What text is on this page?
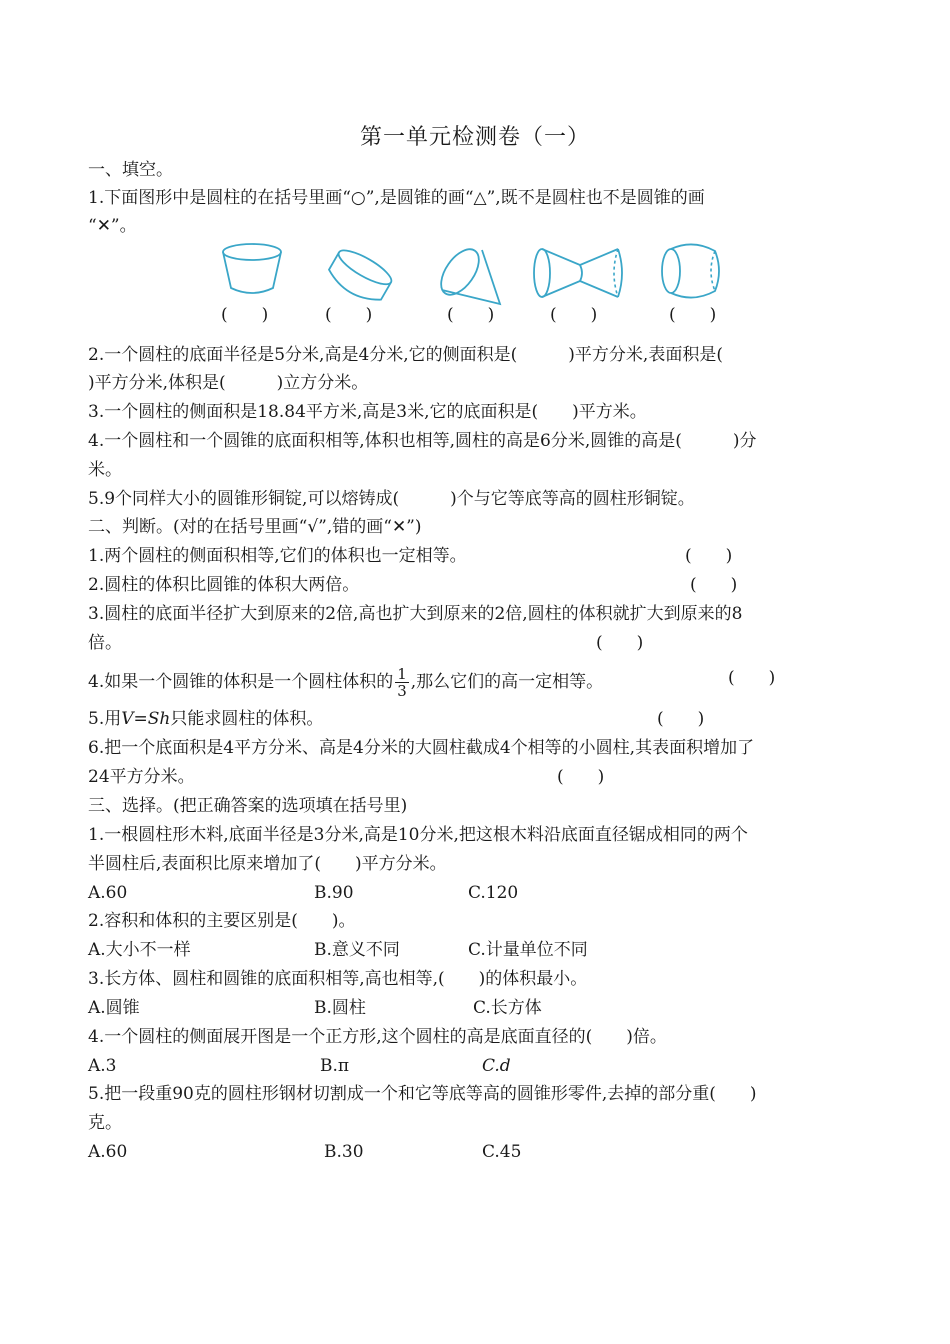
第一单元检测卷（一）
一、填空。
1.下面图形中是圆柱的在括号里画“○”,是圆锥的画“△”,既不是圆柱也不是圆锥的画
“✕”。
(　　)	(　　)	(　　)	(　　)	(　　)
2.一个圆柱的底面半径是5分米,高是4分米,它的侧面积是(　　　)平方分米,表面积是(
)平方分米,体积是(　　　)立方分米。
3.一个圆柱的侧面积是18.84平方米,高是3米,它的底面积是(　　)平方米。
4.一个圆柱和一个圆锥的底面积相等,体积也相等,圆柱的高是6分米,圆锥的高是(　　　)分
米。
5.9个同样大小的圆锥形铜锭,可以熔铸成(　　　)个与它等底等高的圆柱形铜锭。
二、判断。(对的在括号里画“√”,错的画“✕”)
1.两个圆柱的侧面积相等,它们的体积也一定相等。	(　　)
2.圆柱的体积比圆锥的体积大两倍。	(　　)
3.圆柱的底面半径扩大到原来的2倍,高也扩大到原来的2倍,圆柱的体积就扩大到原来的8
倍。	(　　)
4.如果一个圆锥的体积是一个圆柱体积的 $\frac{1}{3}$ ,那么它们的高一定相等。	(　　)
5.用V=Sh只能求圆柱的体积。	(　　)
6.把一个底面积是4平方分米、高是4分米的大圆柱截成4个相等的小圆柱,其表面积增加了
24平方分米。	(　　)
三、选择。(把正确答案的选项填在括号里)
1.一根圆柱形木料,底面半径是3分米,高是10分米,把这根木料沿底面直径锯成相同的两个
半圆柱后,表面积比原来增加了(　　)平方分米。
A.60	B.90	C.120
2.容积和体积的主要区别是(　　)。
A.大小不一样	B.意义不同	C.计量单位不同
3.长方体、圆柱和圆锥的底面积相等,高也相等,(　　)的体积最小。
A.圆锥	B.圆柱	C.长方体
4.一个圆柱的侧面展开图是一个正方形,这个圆柱的高是底面直径的(　　)倍。
A.3	B.π	C.d
5.把一段重90克的圆柱形钢材切割成一个和它等底等高的圆锥形零件,去掉的部分重(　　)
克。
A.60	B.30	C.45
